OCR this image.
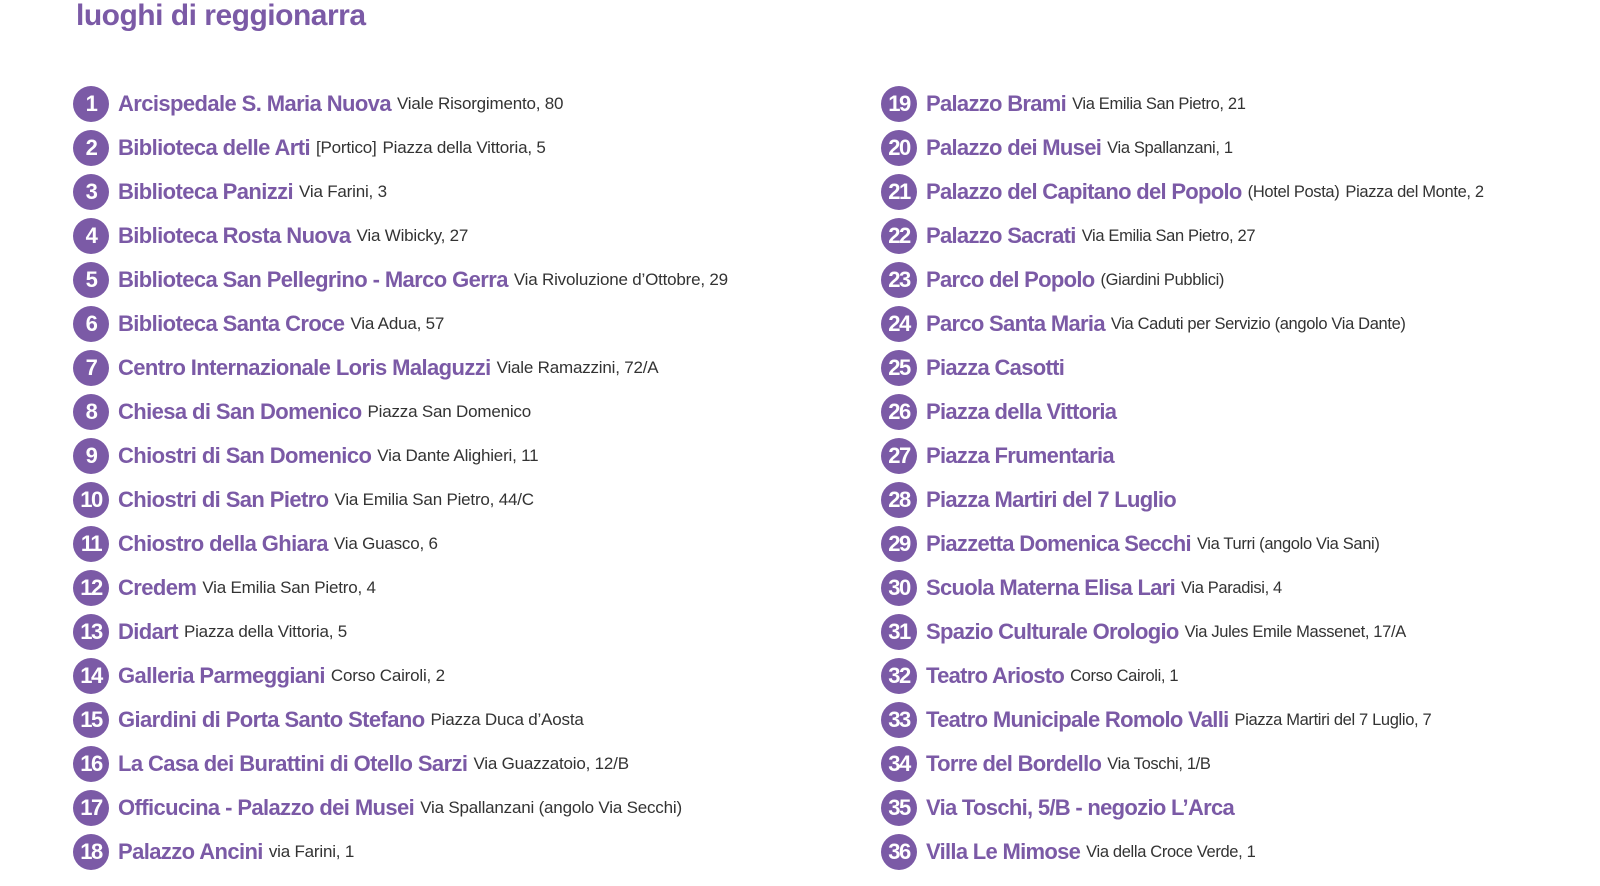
luoghi di reggionarra
1 Arcispedale S. Maria Nuova Viale Risorgimento, 80
2 Biblioteca delle Arti [Portico] Piazza della Vittoria, 5
3 Biblioteca Panizzi Via Farini, 3
4 Biblioteca Rosta Nuova Via Wibicky, 27
5 Biblioteca San Pellegrino - Marco Gerra Via Rivoluzione d’Ottobre, 29
6 Biblioteca Santa Croce Via Adua, 57
7 Centro Internazionale Loris Malaguzzi Viale Ramazzini, 72/A
8 Chiesa di San Domenico Piazza San Domenico
9 Chiostri di San Domenico Via Dante Alighieri, 11
10 Chiostri di San Pietro Via Emilia San Pietro, 44/C
11 Chiostro della Ghiara Via Guasco, 6
12 Credem Via Emilia San Pietro, 4
13 Didart Piazza della Vittoria, 5
14 Galleria Parmeggiani Corso Cairoli, 2
15 Giardini di Porta Santo Stefano Piazza Duca d’Aosta
16 La Casa dei Burattini di Otello Sarzi Via Guazzatoio, 12/B
17 Officucina - Palazzo dei Musei Via Spallanzani (angolo Via Secchi)
18 Palazzo Ancini via Farini, 1
19 Palazzo Brami Via Emilia San Pietro, 21
20 Palazzo dei Musei Via Spallanzani, 1
21 Palazzo del Capitano del Popolo (Hotel Posta) Piazza del Monte, 2
22 Palazzo Sacrati Via Emilia San Pietro, 27
23 Parco del Popolo (Giardini Pubblici)
24 Parco Santa Maria Via Caduti per Servizio (angolo Via Dante)
25 Piazza Casotti
26 Piazza della Vittoria
27 Piazza Frumentaria
28 Piazza Martiri del 7 Luglio
29 Piazzetta Domenica Secchi Via Turri (angolo Via Sani)
30 Scuola Materna Elisa Lari Via Paradisi, 4
31 Spazio Culturale Orologio Via Jules Emile Massenet, 17/A
32 Teatro Ariosto Corso Cairoli, 1
33 Teatro Municipale Romolo Valli Piazza Martiri del 7 Luglio, 7
34 Torre del Bordello Via Toschi, 1/B
35 Via Toschi, 5/B - negozio L’Arca
36 Villa Le Mimose Via della Croce Verde, 1
